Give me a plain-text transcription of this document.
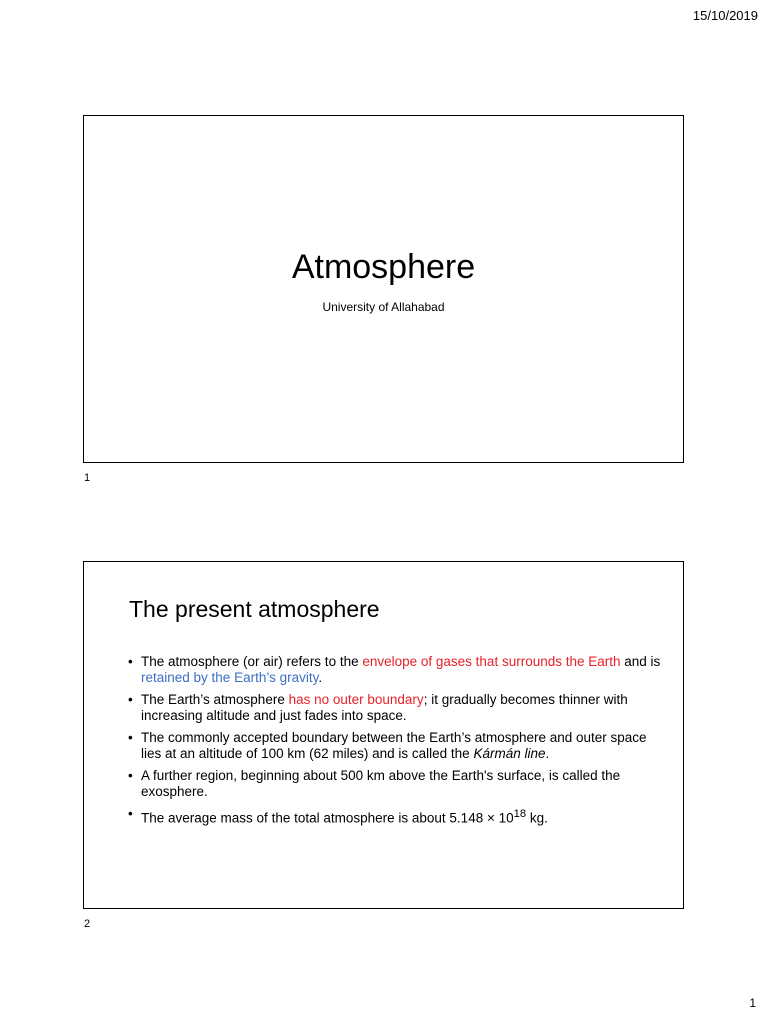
15/10/2019
Atmosphere
University of Allahabad
1
The present atmosphere
• The atmosphere (or air) refers to the envelope of gases that surrounds the Earth and is retained by the Earth’s gravity.
• The Earth’s atmosphere has no outer boundary; it gradually becomes thinner with increasing altitude and just fades into space.
• The commonly accepted boundary between the Earth’s atmosphere and outer space lies at an altitude of 100 km (62 miles) and is called the Kármán line.
• A further region, beginning about 500 km above the Earth's surface, is called the exosphere.
• The average mass of the total atmosphere is about $5.148 \times 10^{18}$ kg.
2
1
